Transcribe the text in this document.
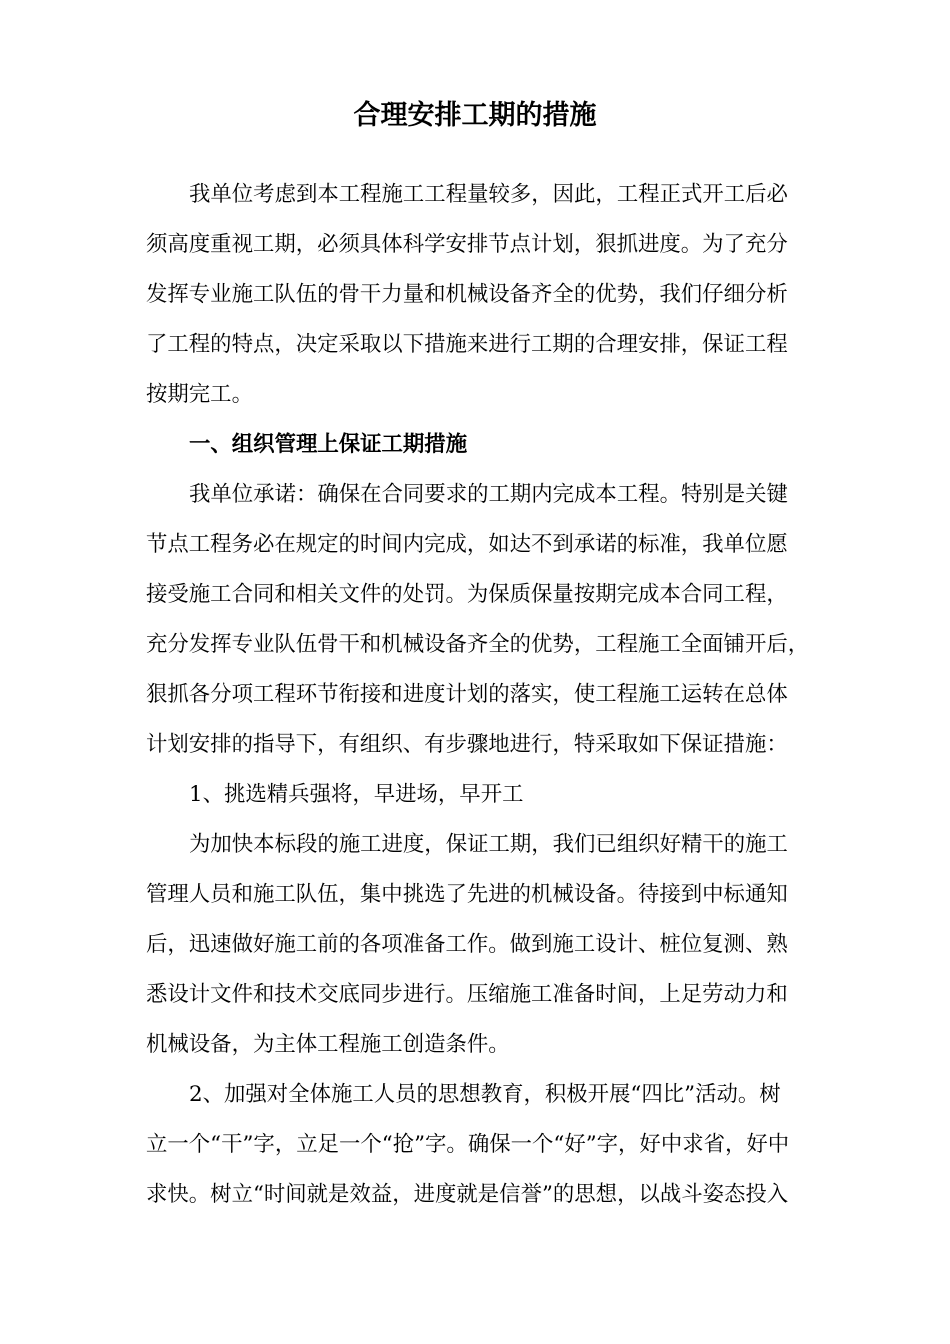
合理安排工期的措施
我单位考虑到本工程施工工程量较多，因此，工程正式开工后必
须高度重视工期，必须具体科学安排节点计划，狠抓进度。为了充分
发挥专业施工队伍的骨干力量和机械设备齐全的优势，我们仔细分析
了工程的特点，决定采取以下措施来进行工期的合理安排，保证工程
按期完工。
一、组织管理上保证工期措施
我单位承诺：确保在合同要求的工期内完成本工程。特别是关键
节点工程务必在规定的时间内完成，如达不到承诺的标准，我单位愿
接受施工合同和相关文件的处罚。为保质保量按期完成本合同工程，
充分发挥专业队伍骨干和机械设备齐全的优势，工程施工全面铺开后，
狠抓各分项工程环节衔接和进度计划的落实，使工程施工运转在总体
计划安排的指导下，有组织、有步骤地进行，特采取如下保证措施：
1、挑选精兵强将，早进场，早开工
为加快本标段的施工进度，保证工期，我们已组织好精干的施工
管理人员和施工队伍，集中挑选了先进的机械设备。待接到中标通知
后，迅速做好施工前的各项准备工作。做到施工设计、桩位复测、熟
悉设计文件和技术交底同步进行。压缩施工准备时间，上足劳动力和
机械设备，为主体工程施工创造条件。
2、加强对全体施工人员的思想教育，积极开展“四比”活动。树
立一个“干”字，立足一个“抢”字。确保一个“好”字，好中求省，好中
求快。树立“时间就是效益，进度就是信誉”的思想，以战斗姿态投入
